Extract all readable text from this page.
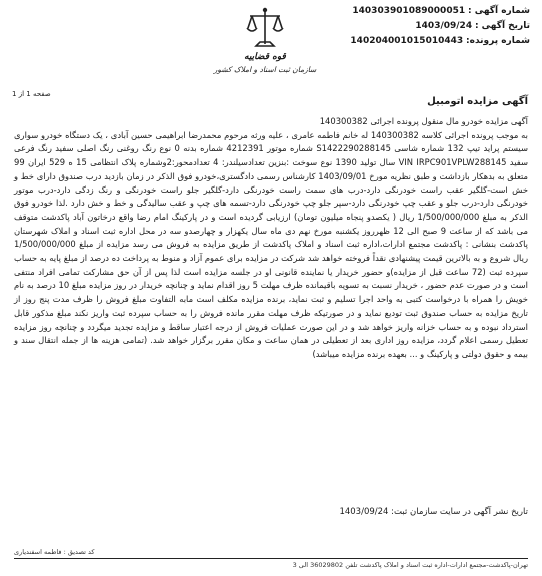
شماره آگهی : 140303901089000051
تاریخ آگهی : 1403/09/24
شماره پرونده: 140204001015010443
قوه قضاییه
سازمان ثبت اسناد و املاک کشور
صفحه 1 از 1
آگهی مزایده اتومبیل

آگهی مزایده خودرو مال منقول پرونده اجرائی 140300382

به موجب پرونده اجرائی کلاسه 140300382 له خانم فاطمه عامری ، علیه ورثه مرحوم محمدرضا ابراهیمی حسین آبادی ، یک دستگاه خودرو سواری سیستم پراید تیپ 132 شماره شاسی S1422290288145 شماره موتور 4212391 شماره بدنه 0 نوع رنگ روغنی رنگ اصلی سفید رنگ فرعی سفید VIN IRPC901VPLW288145 سال تولید 1390 نوع سوخت :بنزین تعدادسیلندر: 4 تعدادمحور:2وشماره پلاک انتظامی 15 ه 529 ایران 99 متعلق به بدهکار بازداشت و طبق نظریه مورخ 1403/09/01 کارشناس رسمی دادگستری،خودرو فوق الذکر در زمان بازدید درب صندوق دارای خط و خش است-گلگیر عقب راست خودرنگی دارد-درب های سمت راست خودرنگی دارد-گلگیر جلو راست خودرنگی و رنگ زدگی دارد-درب موتور خودرنگی دارد-درب جلو و عقب چپ خودرنگی دارد-سپر جلو چپ خودرنگی دارد-تسمه های چپ و عقب سالیدگی و خط و خش دارد .لذا خودرو فوق الذکر به مبلغ 1/500/000/000 ریال ( یکصدو پنجاه میلیون تومان) ارزیابی گردیده است و در پارکینگ امام رضا واقع درخاتون آباد پاکدشت متوقف می باشد که از ساعت 9 صبح الی 12 ظهرروز یکشنبه مورخ نهم دی ماه سال یکهزار و چهارصدو سه در محل اداره ثبت اسناد و املاک شهرستان پاکدشت بنشانی : پاکدشت مجتمع ادارات،اداره ثبت اسناد و املاک پاکدشت از طریق مزایده به فروش می رسد مزایده از مبلغ 1/500/000/000 ریال شروع و به بالاترین قیمت پیشنهادی نقداً فروخته خواهد شد شرکت در مزایده برای عموم آزاد و منوط به پرداخت ده درصد از مبلغ پایه به حساب سپرده ثبت (72 ساعت قبل از مزایده)و حضور خریدار یا نماینده قانونی او در جلسه مزایده است لذا پس از آن حق مشارکت تمامی افراد منتفی است و در صورت عدم حضور ، خریدار نسبت به تسویه باقیمانده ظرف مهلت 5 روز اقدام نماید و چنانچه خریدار در روز مزایده مبلغ 10 درصد به نام خویش را همراه با درخواست کتبی به واحد اجرا تسلیم و ثبت نماید، برنده مزایده مکلف است مابه التفاوت مبلغ فروش را ظرف مدت پنج روز از تاریخ مزایده به حساب صندوق ثبت تودیع نماید و در صورتیکه ظرف مهلت مقرر مانده فروش را به حساب سپرده ثبت واریز نکند مبلغ مذکور قابل استرداد نبوده و به حساب خزانه واریز خواهد شد و در این صورت عملیات فروش از درجه اعتبار ساقط و مزایده تجدید میگردد و چنانچه روز مزایده تعطیل رسمی اعلام گردد، مزایده روز اداری بعد از تعطیلی در همان ساعت و مکان مقرر برگزار خواهد شد. (تمامی هزینه ها از جمله انتقال سند و بیمه و حقوق دولتی و پارکینگ و ... بعهده برنده مزایده میباشد)

تاریخ نشر آگهی در سایت سازمان ثبت: 1403/09/24
کد تصدیق : فاطمه اسفندیاری
تهران-پاکدشت-مجتمع ادارات-اداره ثبت اسناد و املاک پاکدشت تلفن 36029802 الی 3
